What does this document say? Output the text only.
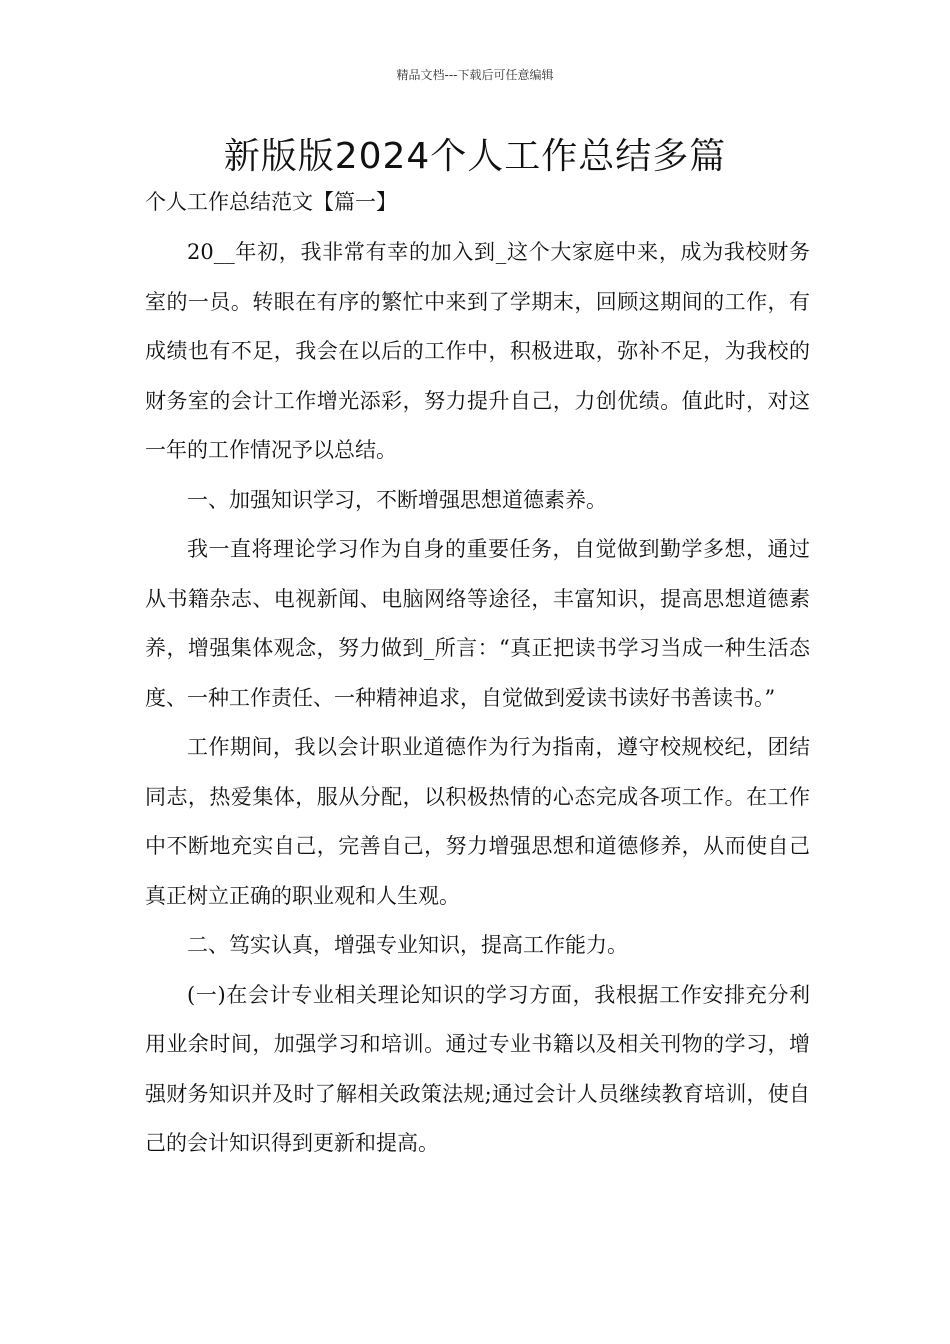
精品文档---下载后可任意编辑
新版版2024个人工作总结多篇
个人工作总结范文【篇一】

20__年初，我非常有幸的加入到_这个大家庭中来，成为我校财务室的一员。转眼在有序的繁忙中来到了学期末，回顾这期间的工作，有成绩也有不足，我会在以后的工作中，积极进取，弥补不足，为我校的财务室的会计工作增光添彩，努力提升自己，力创优绩。值此时，对这一年的工作情况予以总结。

一、加强知识学习，不断增强思想道德素养。

我一直将理论学习作为自身的重要任务，自觉做到勤学多想，通过从书籍杂志、电视新闻、电脑网络等途径，丰富知识，提高思想道德素养，增强集体观念，努力做到_所言：“真正把读书学习当成一种生活态度、一种工作责任、一种精神追求，自觉做到爱读书读好书善读书。”

工作期间，我以会计职业道德作为行为指南，遵守校规校纪，团结同志，热爱集体，服从分配，以积极热情的心态完成各项工作。在工作中不断地充实自己，完善自己，努力增强思想和道德修养，从而使自己真正树立正确的职业观和人生观。

二、笃实认真，增强专业知识，提高工作能力。

(一)在会计专业相关理论知识的学习方面，我根据工作安排充分利用业余时间，加强学习和培训。通过专业书籍以及相关刊物的学习，增强财务知识并及时了解相关政策法规;通过会计人员继续教育培训，使自己的会计知识得到更新和提高。
